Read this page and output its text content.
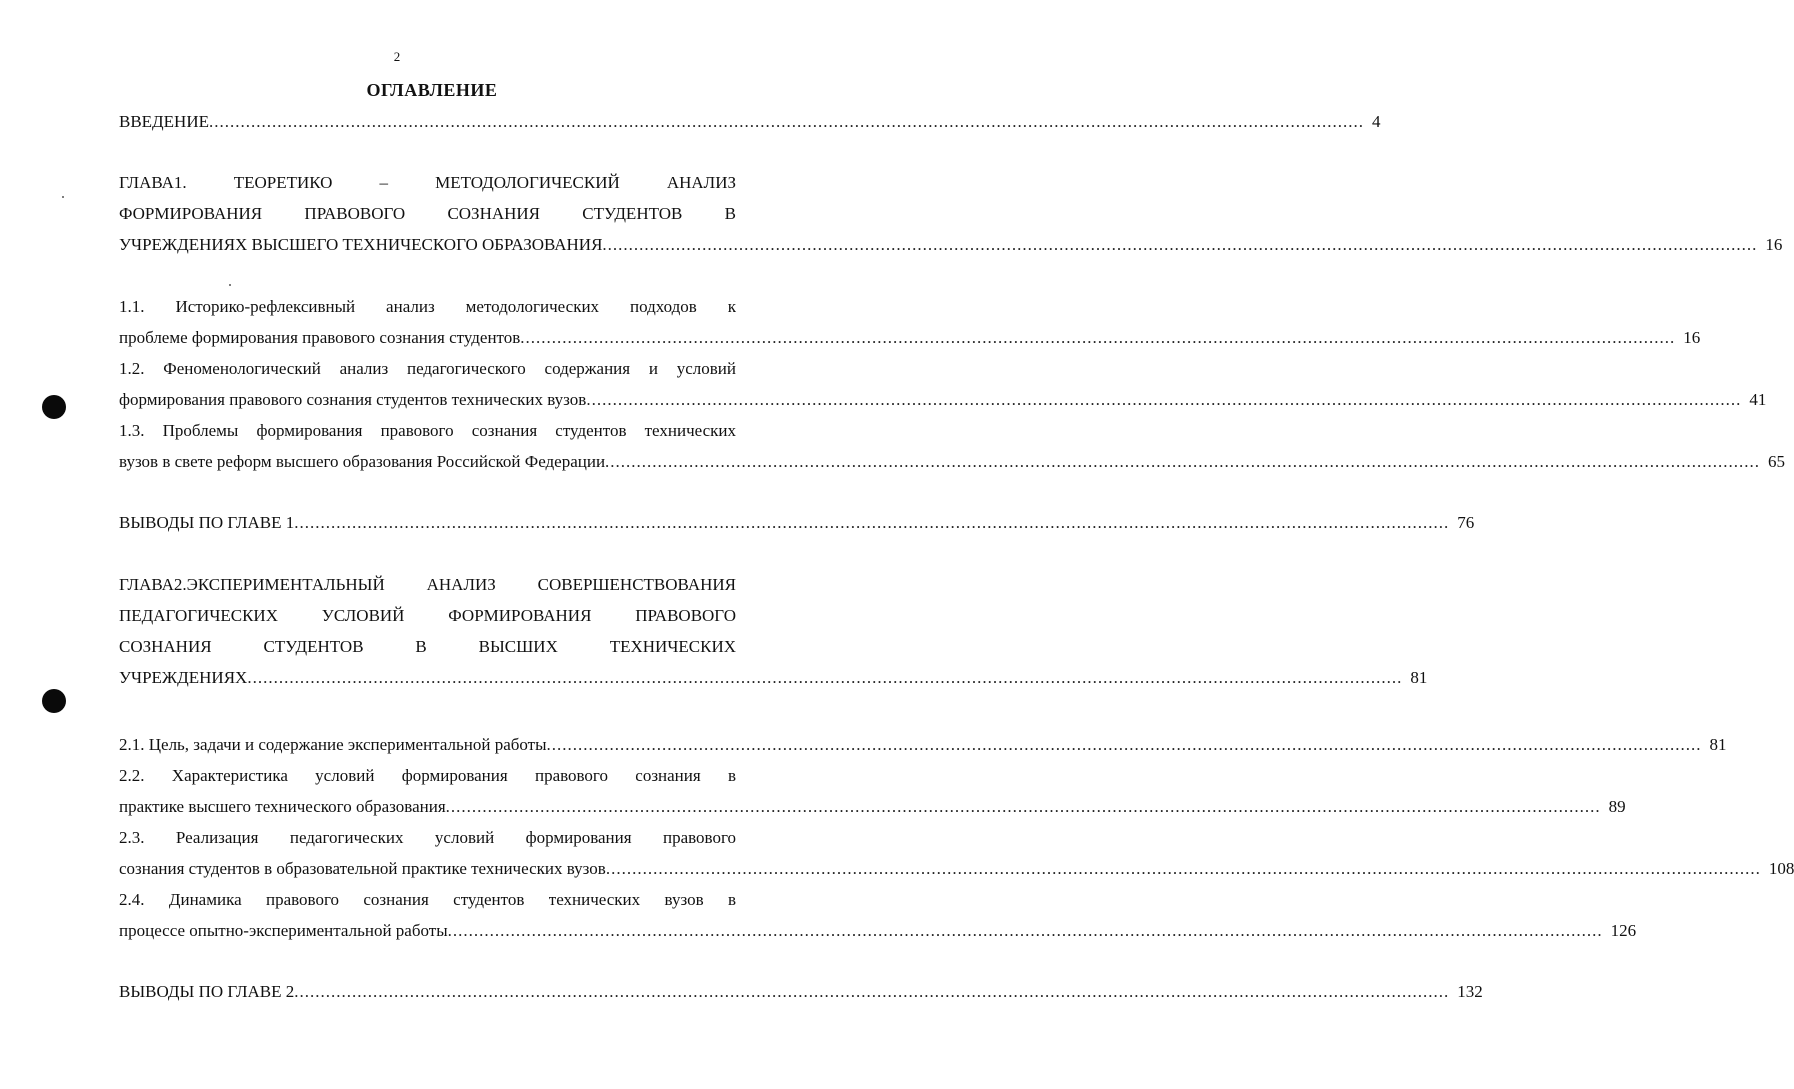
2
ОГЛАВЛЕНИЕ
ВВЕДЕНИЕ ............................................................................................................................................................................................................................ 4
ГЛАВА1. ТЕОРЕТИКО – МЕТОДОЛОГИЧЕСКИЙ АНАЛИЗ
ФОРМИРОВАНИЯ ПРАВОВОГО СОЗНАНИЯ СТУДЕНТОВ В
УЧРЕЖДЕНИЯХ ВЫСШЕГО ТЕХНИЧЕСКОГО ОБРАЗОВАНИЯ ............................................................................................................................................................................................................................ 16
1.1. Историко-рефлексивный анализ методологических подходов к
проблеме формирования правового сознания студентов ............................................................................................................................................................................................................................ 16
1.2. Феноменологический анализ педагогического содержания и условий
формирования правового сознания студентов технических вузов ............................................................................................................................................................................................................................ 41
1.3. Проблемы формирования правового сознания студентов технических
вузов в свете реформ высшего образования Российской Федерации ............................................................................................................................................................................................................................ 65
ВЫВОДЫ ПО ГЛАВЕ 1 ............................................................................................................................................................................................................................ 76
ГЛАВА2.ЭКСПЕРИМЕНТАЛЬНЫЙ АНАЛИЗ СОВЕРШЕНСТВОВАНИЯ
ПЕДАГОГИЧЕСКИХ УСЛОВИЙ ФОРМИРОВАНИЯ ПРАВОВОГО
СОЗНАНИЯ СТУДЕНТОВ В ВЫСШИХ ТЕХНИЧЕСКИХ
УЧРЕЖДЕНИЯХ ............................................................................................................................................................................................................................ 81
2.1. Цель, задачи и содержание экспериментальной работы ............................................................................................................................................................................................................................ 81
2.2. Характеристика условий формирования правового сознания в
практике высшего технического образования ............................................................................................................................................................................................................................ 89
2.3. Реализация педагогических условий формирования правового
сознания студентов в образовательной практике технических вузов ............................................................................................................................................................................................................................ 108
2.4. Динамика правового сознания студентов технических вузов в
процессе опытно-экспериментальной работы ............................................................................................................................................................................................................................ 126
ВЫВОДЫ ПО ГЛАВЕ 2 ............................................................................................................................................................................................................................ 132
